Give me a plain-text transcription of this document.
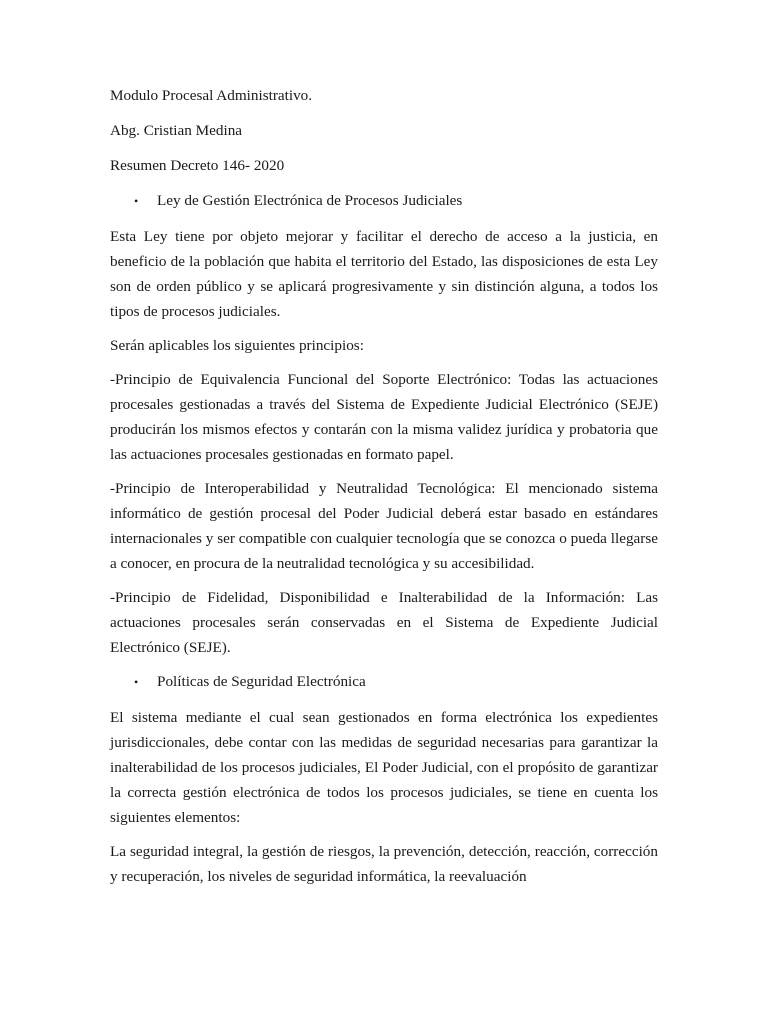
Modulo Procesal Administrativo.
Abg. Cristian Medina
Resumen Decreto 146- 2020
•	Ley de Gestión Electrónica de Procesos Judiciales

Esta Ley tiene por objeto mejorar y facilitar el derecho de acceso a la justicia, en beneficio de la población que habita el territorio del Estado, las disposiciones de esta Ley son de orden público y se aplicará progresivamente y sin distinción alguna, a todos los tipos de procesos judiciales.

Serán aplicables los siguientes principios:

-Principio de Equivalencia Funcional del Soporte Electrónico: Todas las actuaciones procesales gestionadas a través del Sistema de Expediente Judicial Electrónico (SEJE) producirán los mismos efectos y contarán con la misma validez jurídica y probatoria que las actuaciones procesales gestionadas en formato papel.

-Principio de Interoperabilidad y Neutralidad Tecnológica: El mencionado sistema informático de gestión procesal del Poder Judicial deberá estar basado en estándares internacionales y ser compatible con cualquier tecnología que se conozca o pueda llegarse a conocer, en procura de la neutralidad tecnológica y su accesibilidad.

-Principio de Fidelidad, Disponibilidad e Inalterabilidad de la Información: Las actuaciones procesales serán conservadas en el Sistema de Expediente Judicial Electrónico (SEJE).

•	Políticas de Seguridad Electrónica

El sistema mediante el cual sean gestionados en forma electrónica los expedientes jurisdiccionales, debe contar con las medidas de seguridad necesarias para garantizar la inalterabilidad de los procesos judiciales, El Poder Judicial, con el propósito de garantizar la correcta gestión electrónica de todos los procesos judiciales, se tiene en cuenta los siguientes elementos:

La seguridad integral, la gestión de riesgos, la prevención, detección, reacción, corrección y recuperación, los niveles de seguridad informática, la reevaluación
